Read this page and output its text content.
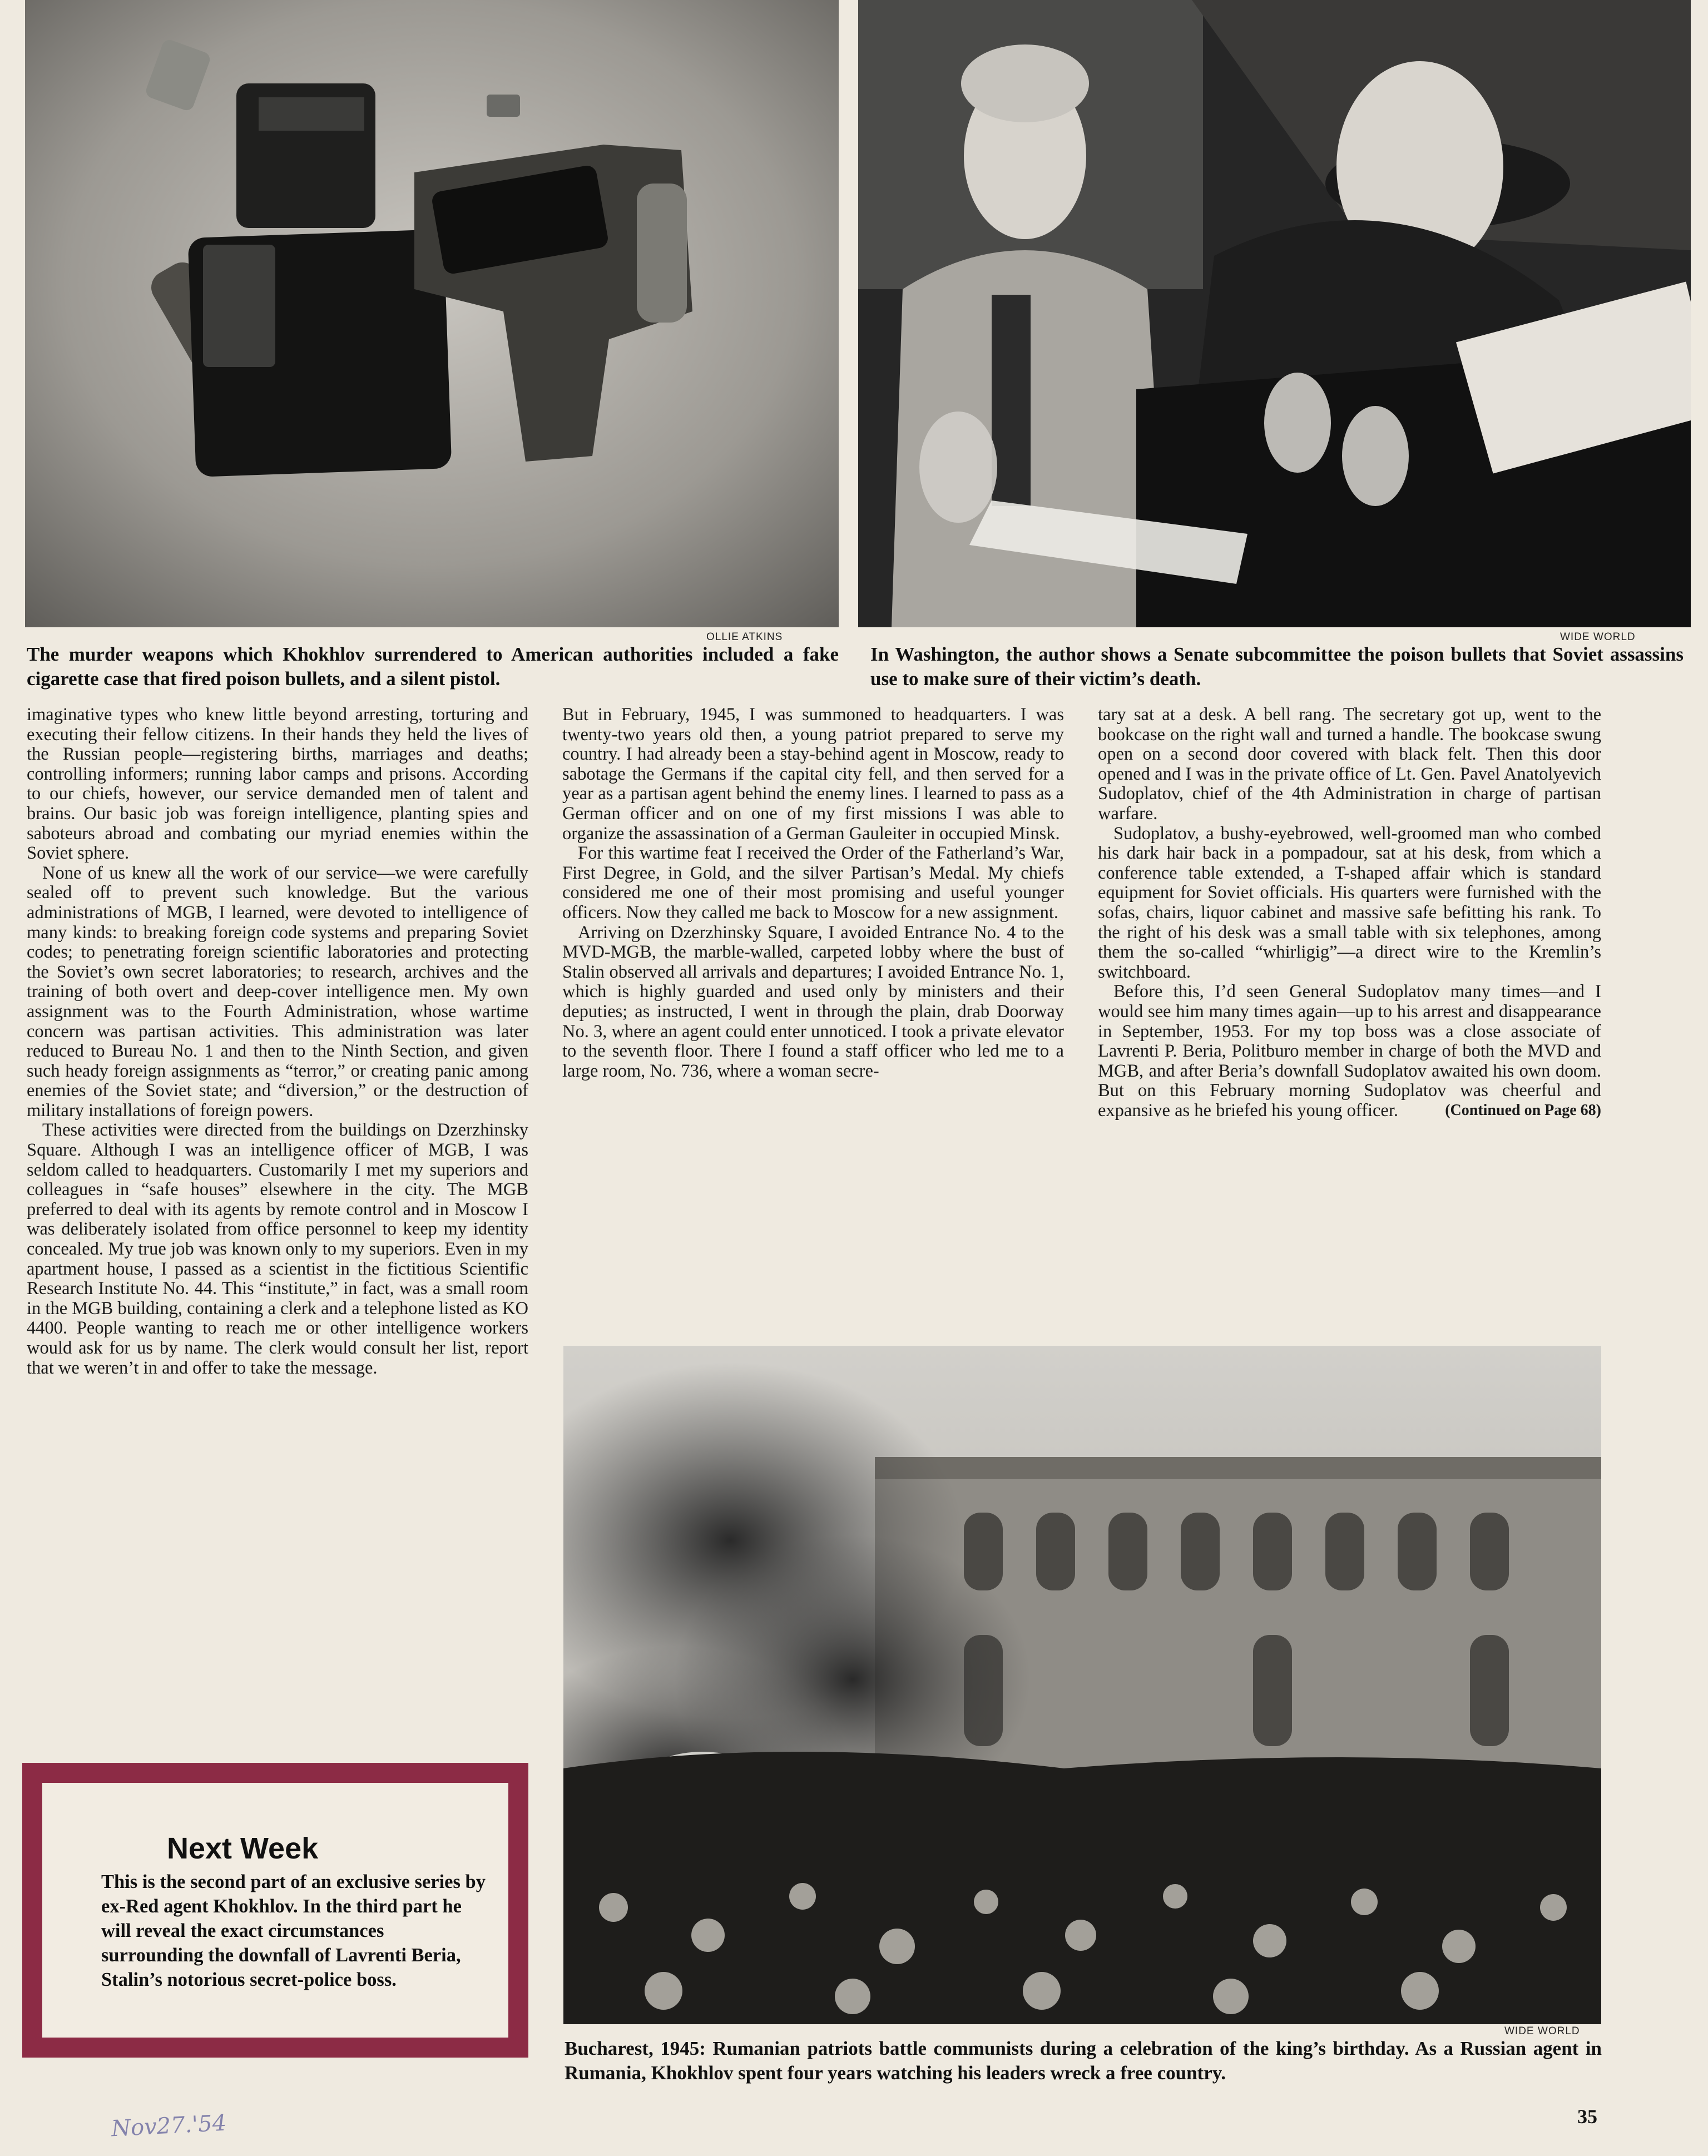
OLLIE ATKINS
The murder weapons which Khokhlov surrendered to American authorities included a fake cigarette case that fired poison bullets, and a silent pistol.
WIDE WORLD
In Washington, the author shows a Senate subcommittee the poison bullets that Soviet assassins use to make sure of their victim’s death.

imaginative types who knew little beyond arresting, torturing and executing their fellow citizens. In their hands they held the lives of the Russian people—registering births, marriages and deaths; controlling informers; running labor camps and prisons. According to our chiefs, however, our service demanded men of talent and brains. Our basic job was foreign intelligence, planting spies and saboteurs abroad and combating our myriad enemies within the Soviet sphere.

None of us knew all the work of our service—we were carefully sealed off to prevent such knowledge. But the various administrations of MGB, I learned, were devoted to intelligence of many kinds: to breaking foreign code systems and preparing Soviet codes; to penetrating foreign scientific laboratories and protecting the Soviet’s own secret laboratories; to research, archives and the training of both overt and deep-cover intelligence men. My own assignment was to the Fourth Administration, whose wartime concern was partisan activities. This administration was later reduced to Bureau No. 1 and then to the Ninth Section, and given such heady foreign assignments as “terror,” or creating panic among enemies of the Soviet state; and “diversion,” or the destruction of military installations of foreign powers.

These activities were directed from the buildings on Dzerzhinsky Square. Although I was an intelligence officer of MGB, I was seldom called to headquarters. Customarily I met my superiors and colleagues in “safe houses” elsewhere in the city. The MGB preferred to deal with its agents by remote control and in Moscow I was deliberately isolated from office personnel to keep my identity concealed. My true job was known only to my superiors. Even in my apartment house, I passed as a scientist in the fictitious Scientific Research Institute No. 44. This “institute,” in fact, was a small room in the MGB building, containing a clerk and a telephone listed as KO 4400. People wanting to reach me or other intelligence workers would ask for us by name. The clerk would consult her list, report that we weren’t in and offer to take the message.

But in February, 1945, I was summoned to headquarters. I was twenty-two years old then, a young patriot prepared to serve my country. I had already been a stay-behind agent in Moscow, ready to sabotage the Germans if the capital city fell, and then served for a year as a partisan agent behind the enemy lines. I learned to pass as a German officer and on one of my first missions I was able to organize the assassination of a German Gauleiter in occupied Minsk.

For this wartime feat I received the Order of the Fatherland’s War, First Degree, in Gold, and the silver Partisan’s Medal. My chiefs considered me one of their most promising and useful younger officers. Now they called me back to Moscow for a new assignment.

Arriving on Dzerzhinsky Square, I avoided Entrance No. 4 to the MVD-MGB, the marble-walled, carpeted lobby where the bust of Stalin observed all arrivals and departures; I avoided Entrance No. 1, which is highly guarded and used only by ministers and their deputies; as instructed, I went in through the plain, drab Doorway No. 3, where an agent could enter unnoticed. I took a private elevator to the seventh floor. There I found a staff officer who led me to a large room, No. 736, where a woman secre-

tary sat at a desk. A bell rang. The secretary got up, went to the bookcase on the right wall and turned a handle. The bookcase swung open on a second door covered with black felt. Then this door opened and I was in the private office of Lt. Gen. Pavel Anatolyevich Sudoplatov, chief of the 4th Administration in charge of partisan warfare.

Sudoplatov, a bushy-eyebrowed, well-groomed man who combed his dark hair back in a pompadour, sat at his desk, from which a conference table extended, a T-shaped affair which is standard equipment for Soviet officials. His quarters were furnished with the sofas, chairs, liquor cabinet and massive safe befitting his rank. To the right of his desk was a small table with six telephones, among them the so-called “whirligig”—a direct wire to the Kremlin’s switchboard.

Before this, I’d seen General Sudoplatov many times—and I would see him many times again—up to his arrest and disappearance in September, 1953. For my top boss was a close associate of Lavrenti P. Beria, Politburo member in charge of both the MVD and MGB, and after Beria’s downfall Sudoplatov awaited his own doom. But on this February morning Sudoplatov was cheerful and expansive as he briefed his young officer.	(Continued on Page 68)
WIDE WORLD
Bucharest, 1945: Rumanian patriots battle communists during a celebration of the king’s birthday. As a Russian agent in Rumania, Khokhlov spent four years watching his leaders wreck a free country.
Next Week

This is the second part of an exclusive series by ex-Red agent Khokhlov. In the third part he will reveal the exact circumstances surrounding the downfall of Lavrenti Beria, Stalin’s notorious secret-police boss.

Nov27.'54	35
